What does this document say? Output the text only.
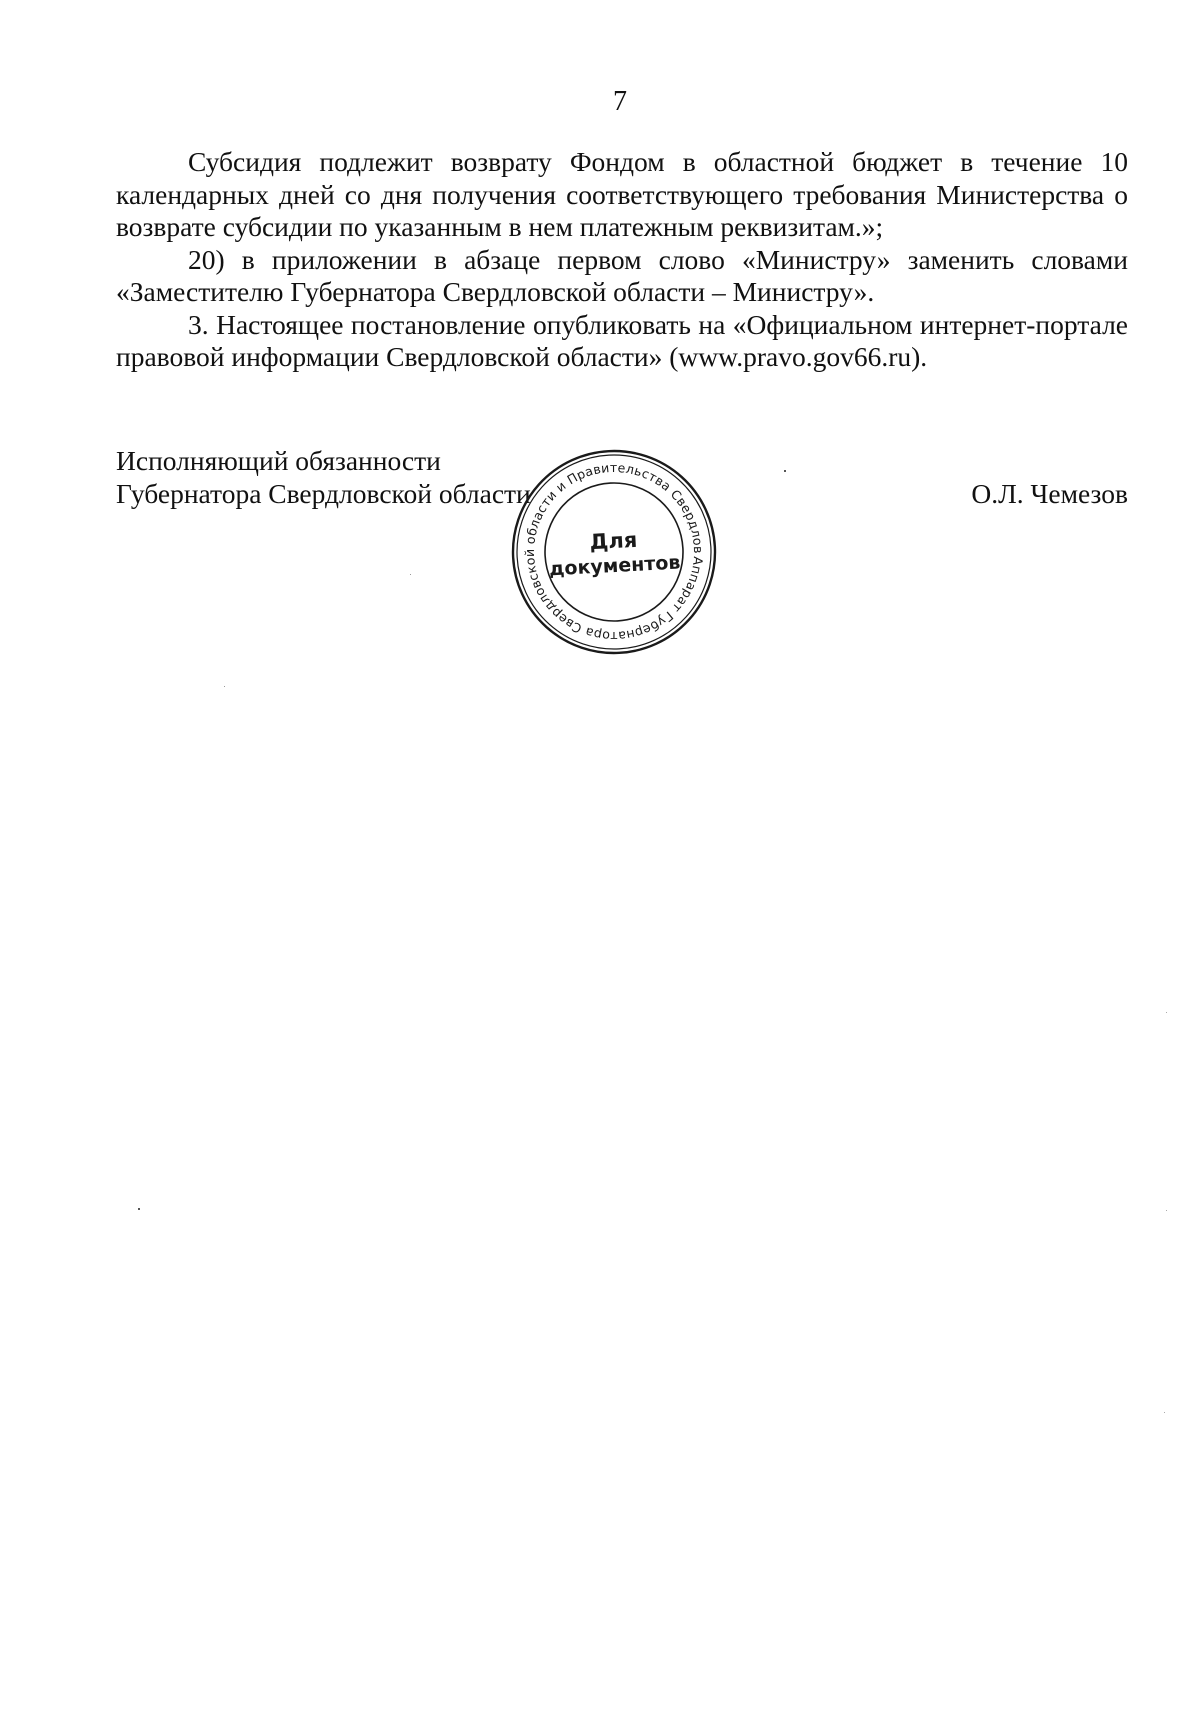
7

Субсидия подлежит возврату Фондом в областной бюджет в течение 10 календарных дней со дня получения соответствующего требования Министерства о возврате субсидии по указанным в нем платежным реквизитам.»;

20) в приложении в абзаце первом слово «Министру» заменить словами «Заместителю Губернатора Свердловской области – Министру».

3. Настоящее постановление опубликовать на «Официальном интернет-портале правовой информации Свердловской области» (www.pravo.gov66.ru).

Исполняющий обязанности
Губернатора Свердловской области	О.Л. Чемезов
Аппарат Губернатора Свердловской области и Правительства Свердловской
Для
документов
